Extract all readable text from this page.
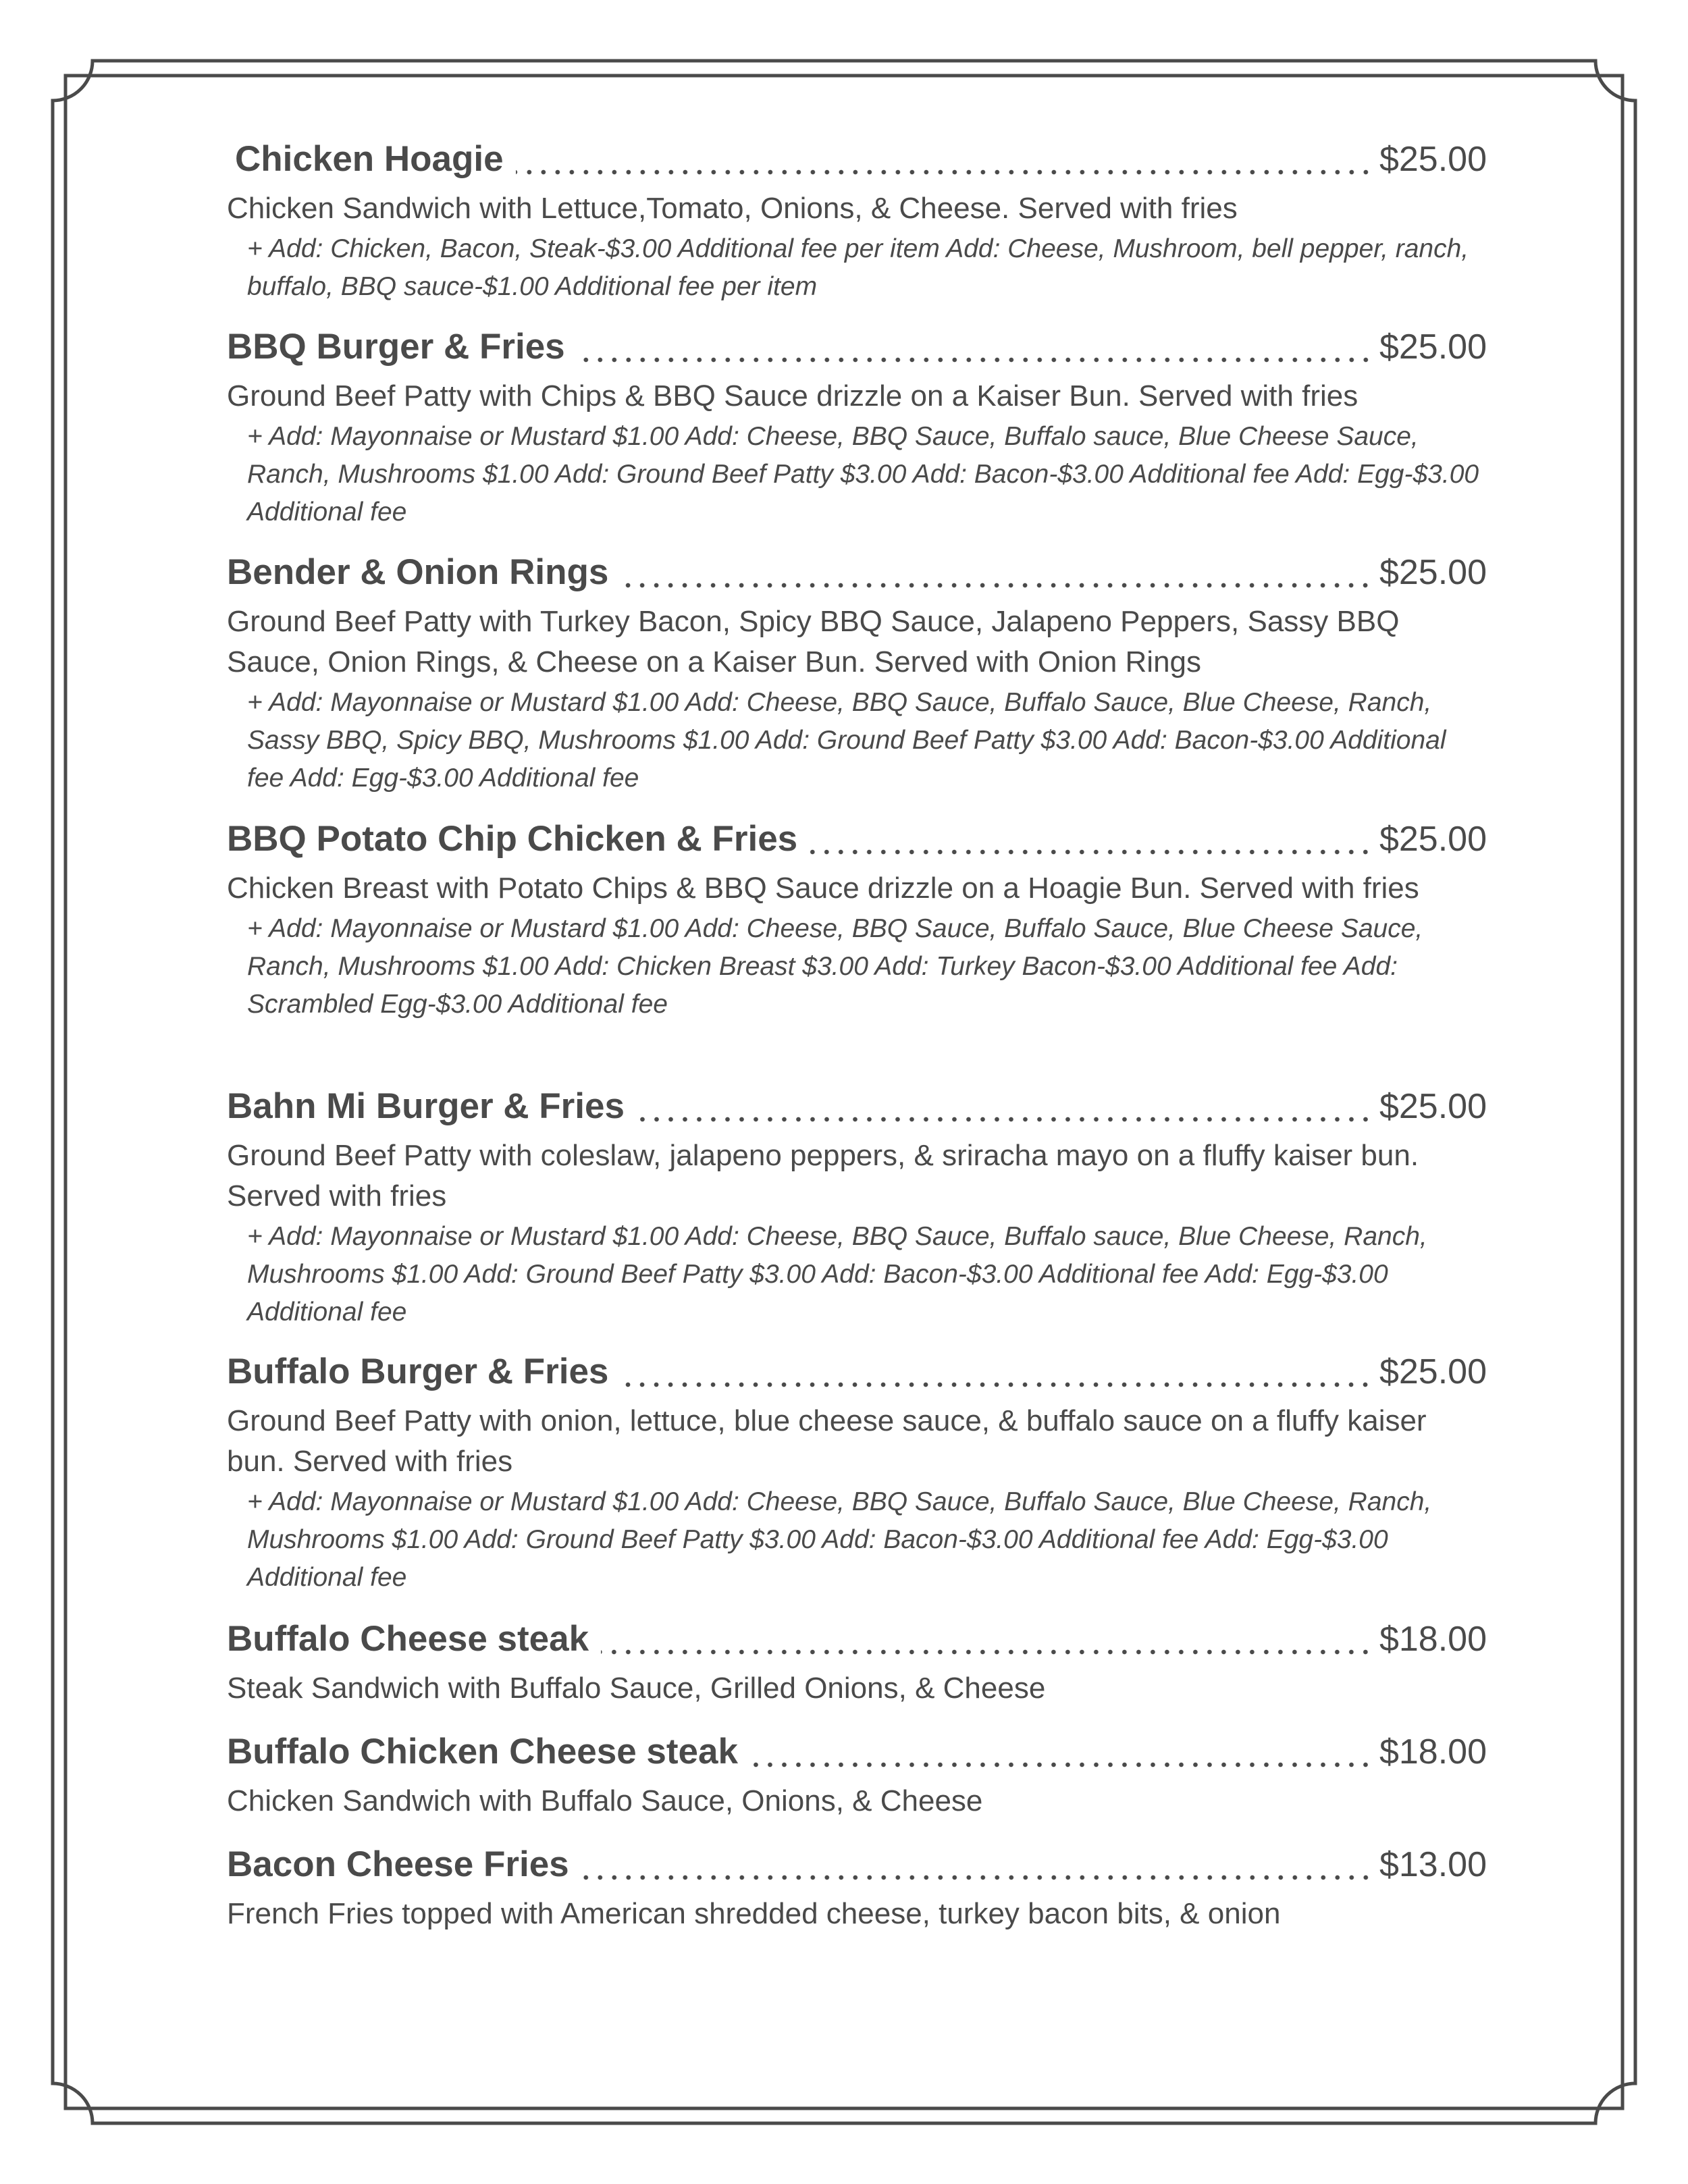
Chicken Hoagie	$25.00
Chicken Sandwich with Lettuce,Tomato, Onions, & Cheese. Served with fries
+ Add: Chicken, Bacon, Steak-$3.00 Additional fee per item Add: Cheese, Mushroom, bell pepper, ranch, buffalo, BBQ sauce-$1.00 Additional fee per item
BBQ Burger & Fries	$25.00
Ground Beef Patty with Chips & BBQ Sauce drizzle on a Kaiser Bun. Served with fries
+ Add: Mayonnaise or Mustard $1.00 Add: Cheese, BBQ Sauce, Buffalo sauce, Blue Cheese Sauce, Ranch, Mushrooms $1.00 Add: Ground Beef Patty $3.00 Add: Bacon-$3.00 Additional fee Add: Egg-$3.00 Additional fee
Bender & Onion Rings	$25.00
Ground Beef Patty with Turkey Bacon, Spicy BBQ Sauce, Jalapeno Peppers, Sassy BBQ Sauce, Onion Rings, & Cheese on a Kaiser Bun. Served with Onion Rings
+ Add: Mayonnaise or Mustard $1.00 Add: Cheese, BBQ Sauce, Buffalo Sauce, Blue Cheese, Ranch, Sassy BBQ, Spicy BBQ, Mushrooms $1.00 Add: Ground Beef Patty $3.00 Add: Bacon-$3.00 Additional fee Add: Egg-$3.00 Additional fee
BBQ Potato Chip Chicken & Fries	$25.00
Chicken Breast with Potato Chips & BBQ Sauce drizzle on a Hoagie Bun. Served with fries
+ Add: Mayonnaise or Mustard $1.00 Add: Cheese, BBQ Sauce, Buffalo Sauce, Blue Cheese Sauce, Ranch, Mushrooms $1.00 Add: Chicken Breast $3.00 Add: Turkey Bacon-$3.00 Additional fee Add: Scrambled Egg-$3.00 Additional fee
Bahn Mi Burger & Fries	$25.00
Ground Beef Patty with coleslaw, jalapeno peppers, & sriracha mayo on a fluffy kaiser bun. Served with fries
+ Add: Mayonnaise or Mustard $1.00 Add: Cheese, BBQ Sauce, Buffalo sauce, Blue Cheese, Ranch, Mushrooms $1.00 Add: Ground Beef Patty $3.00 Add: Bacon-$3.00 Additional fee Add: Egg-$3.00 Additional fee
Buffalo Burger & Fries	$25.00
Ground Beef Patty with onion, lettuce, blue cheese sauce, & buffalo sauce on a fluffy kaiser bun. Served with fries
+ Add: Mayonnaise or Mustard $1.00 Add: Cheese, BBQ Sauce, Buffalo Sauce, Blue Cheese, Ranch, Mushrooms $1.00 Add: Ground Beef Patty $3.00 Add: Bacon-$3.00 Additional fee Add: Egg-$3.00 Additional fee
Buffalo Cheese steak	$18.00
Steak Sandwich with Buffalo Sauce, Grilled Onions, & Cheese
Buffalo Chicken Cheese steak	$18.00
Chicken Sandwich with Buffalo Sauce, Onions, & Cheese
Bacon Cheese Fries	$13.00
French Fries topped with American shredded cheese, turkey bacon bits, & onion
